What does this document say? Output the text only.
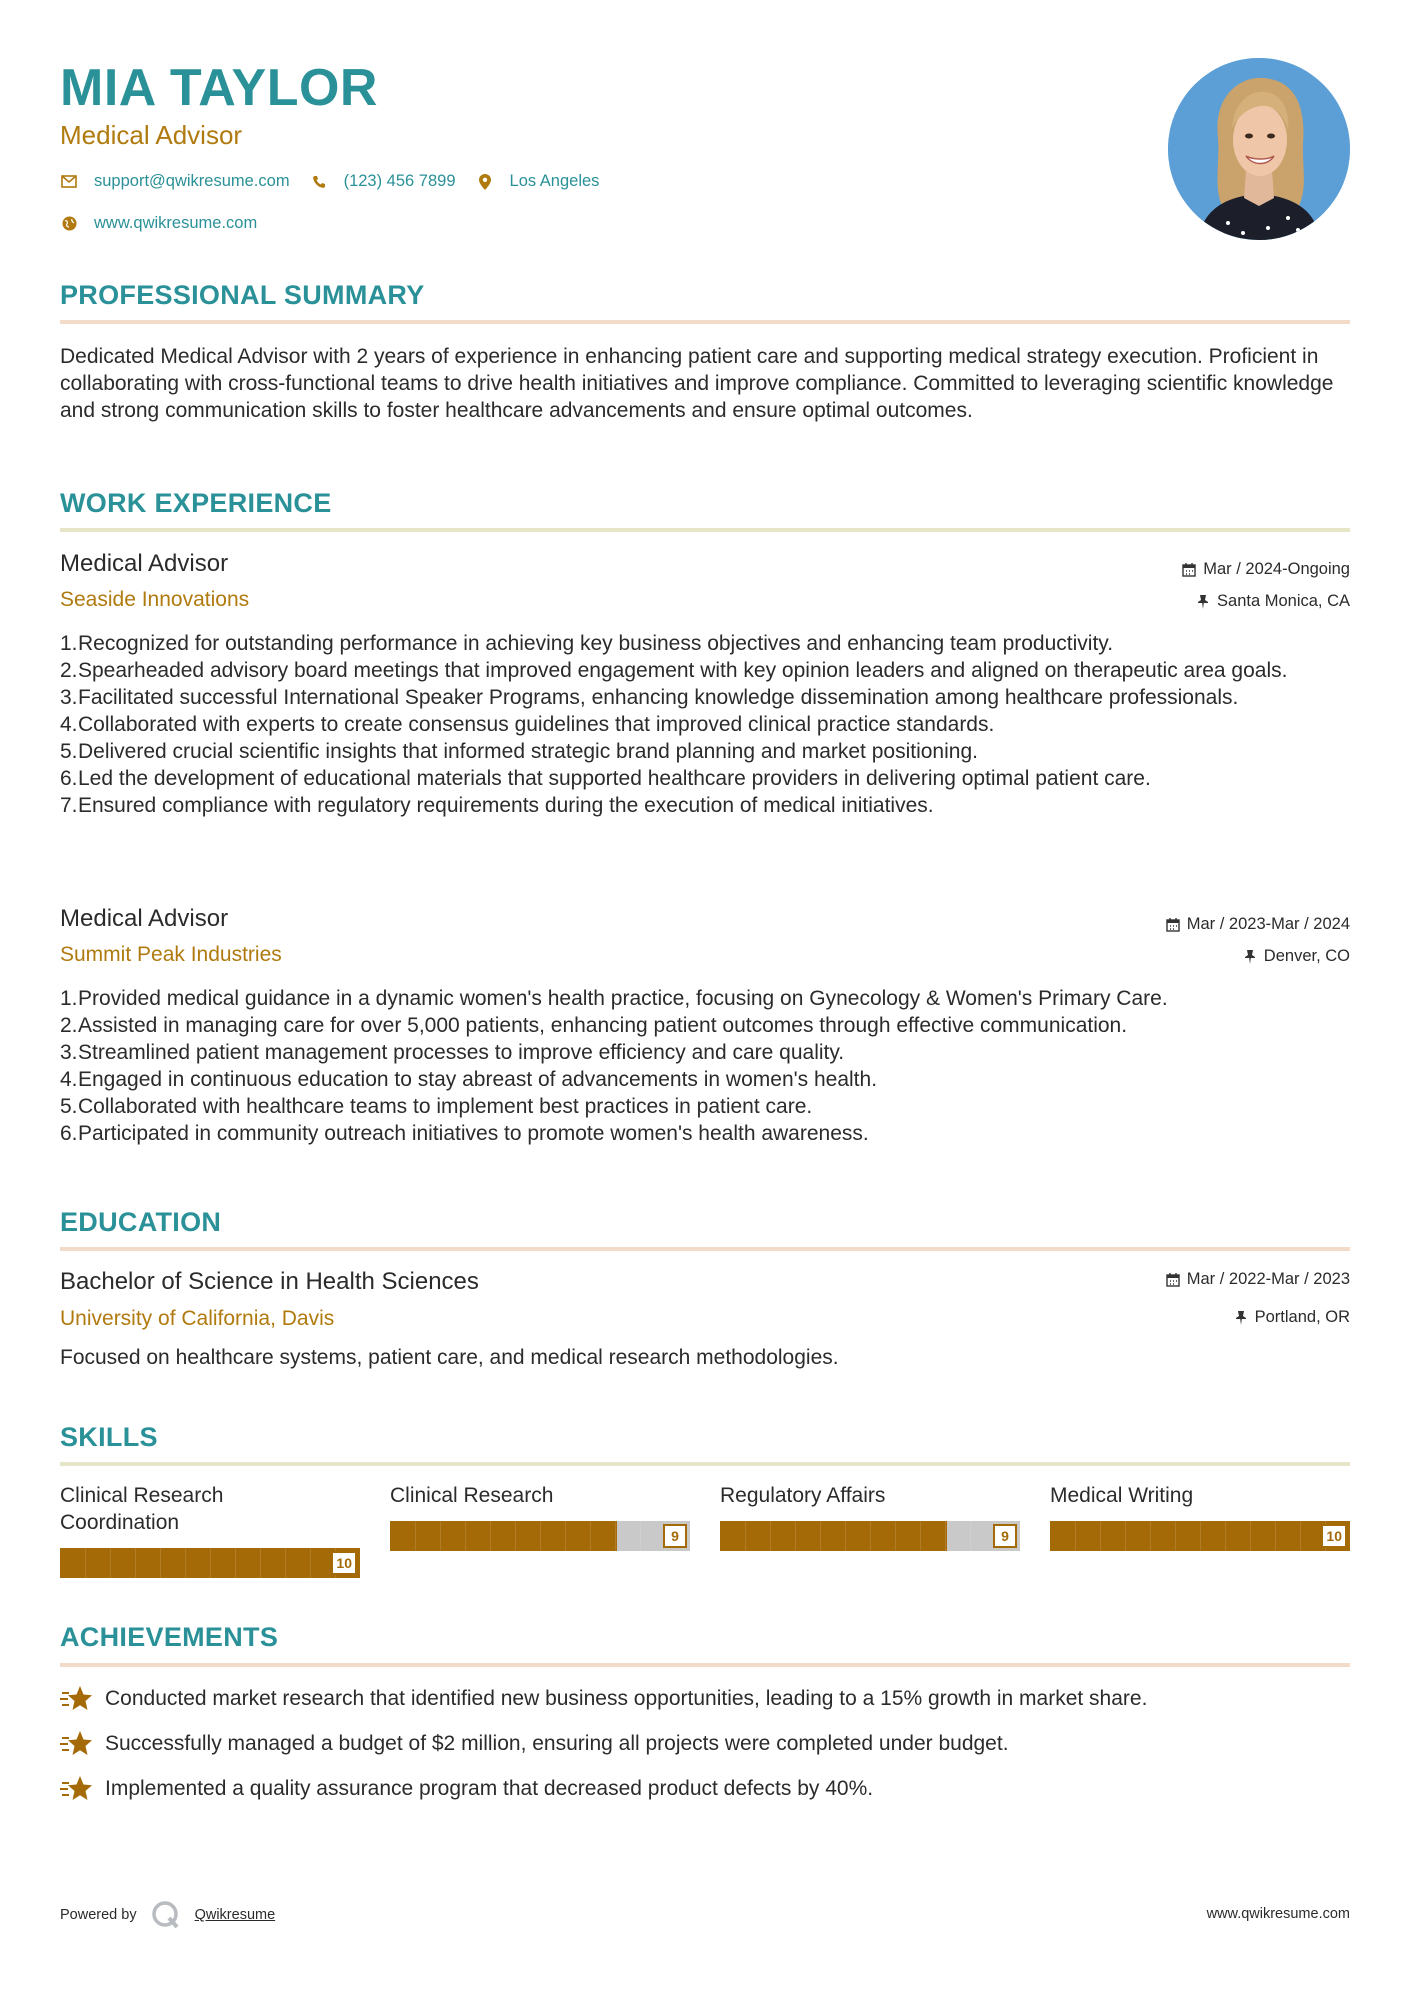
MIA TAYLOR
Medical Advisor
support@qwikresume.com	(123) 456 7899	Los Angeles
www.qwikresume.com
PROFESSIONAL SUMMARY
Dedicated Medical Advisor with 2 years of experience in enhancing patient care and supporting medical strategy execution. Proficient in collaborating with cross-functional teams to drive health initiatives and improve compliance. Committed to leveraging scientific knowledge and strong communication skills to foster healthcare advancements and ensure optimal outcomes.
WORK EXPERIENCE
Medical Advisor
Seaside Innovations
Mar / 2024-Ongoing
Santa Monica, CA
1. Recognized for outstanding performance in achieving key business objectives and enhancing team productivity.
2. Spearheaded advisory board meetings that improved engagement with key opinion leaders and aligned on therapeutic area goals.
3. Facilitated successful International Speaker Programs, enhancing knowledge dissemination among healthcare professionals.
4. Collaborated with experts to create consensus guidelines that improved clinical practice standards.
5. Delivered crucial scientific insights that informed strategic brand planning and market positioning.
6. Led the development of educational materials that supported healthcare providers in delivering optimal patient care.
7. Ensured compliance with regulatory requirements during the execution of medical initiatives.
Medical Advisor
Summit Peak Industries
Mar / 2023-Mar / 2024
Denver, CO
1. Provided medical guidance in a dynamic women's health practice, focusing on Gynecology & Women's Primary Care.
2. Assisted in managing care for over 5,000 patients, enhancing patient outcomes through effective communication.
3. Streamlined patient management processes to improve efficiency and care quality.
4. Engaged in continuous education to stay abreast of advancements in women's health.
5. Collaborated with healthcare teams to implement best practices in patient care.
6. Participated in community outreach initiatives to promote women's health awareness.
EDUCATION
Bachelor of Science in Health Sciences
University of California, Davis
Mar / 2022-Mar / 2023
Portland, OR
Focused on healthcare systems, patient care, and medical research methodologies.
SKILLS
Clinical Research Coordination
10
Clinical Research
9
Regulatory Affairs
9
Medical Writing
10
ACHIEVEMENTS
Conducted market research that identified new business opportunities, leading to a 15% growth in market share.
Successfully managed a budget of $2 million, ensuring all projects were completed under budget.
Implemented a quality assurance program that decreased product defects by 40%.
Powered by	Qwikresume	www.qwikresume.com
